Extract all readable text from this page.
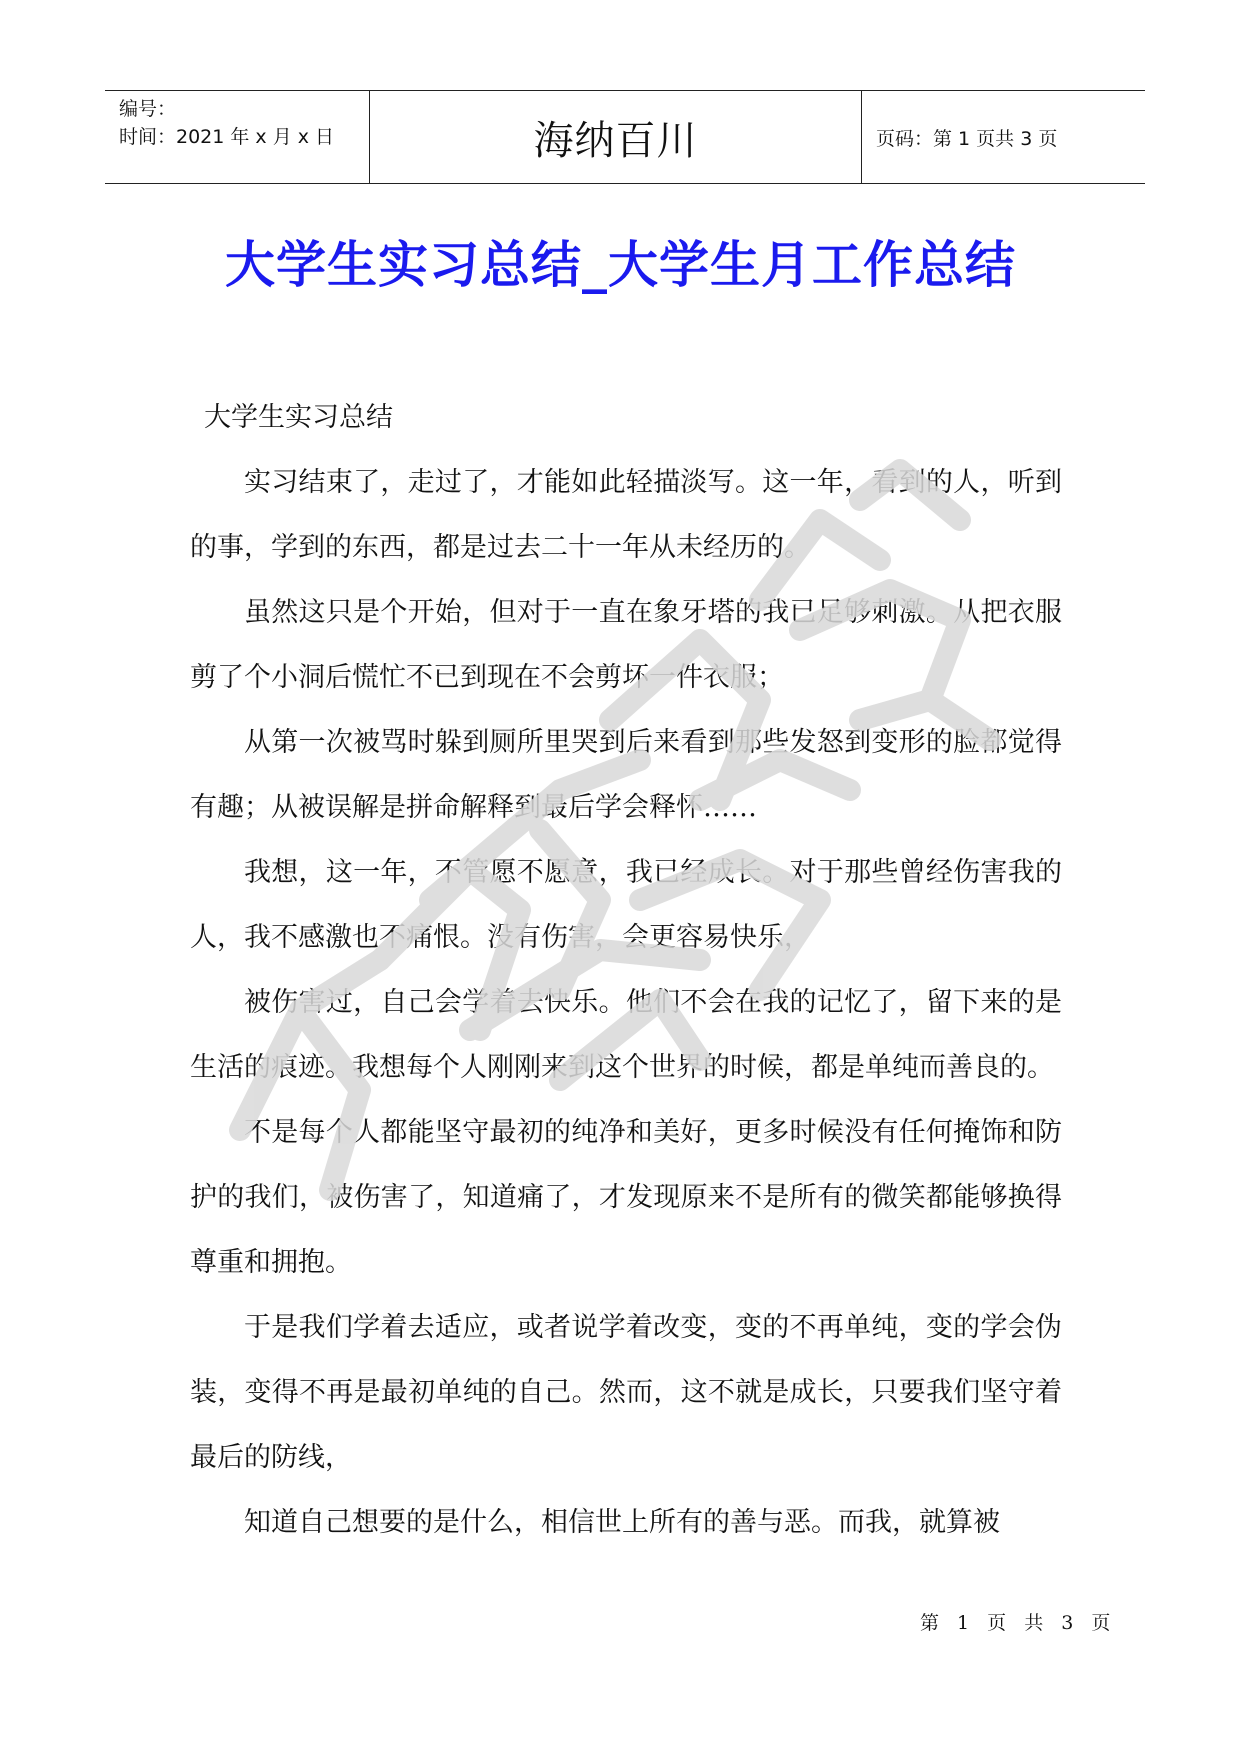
编号：
时间：2021 年 x 月 x 日	海纳百川	页码：第 1 页共 3 页
大学生实习总结_大学生月工作总结

大学生实习总结

实习结束了，走过了，才能如此轻描淡写。这一年，看到的人，听到的事，学到的东西，都是过去二十一年从未经历的。

虽然这只是个开始，但对于一直在象牙塔的我已足够刺激。从把衣服剪了个小洞后慌忙不已到现在不会剪坏一件衣服；

从第一次被骂时躲到厕所里哭到后来看到那些发怒到变形的脸都觉得有趣；从被误解是拼命解释到最后学会释怀……

我想，这一年，不管愿不愿意，我已经成长。对于那些曾经伤害我的人，我不感激也不痛恨。没有伤害，会更容易快乐，

被伤害过，自己会学着去快乐。他们不会在我的记忆了，留下来的是生活的痕迹。我想每个人刚刚来到这个世界的时候，都是单纯而善良的。

不是每个人都能坚守最初的纯净和美好，更多时候没有任何掩饰和防护的我们，被伤害了，知道痛了，才发现原来不是所有的微笑都能够换得尊重和拥抱。

于是我们学着去适应，或者说学着改变，变的不再单纯，变的学会伪装，变得不再是最初单纯的自己。然而，这不就是成长，只要我们坚守着最后的防线，

知道自己想要的是什么，相信世上所有的善与恶。而我，就算被

第 1 页 共 3 页
